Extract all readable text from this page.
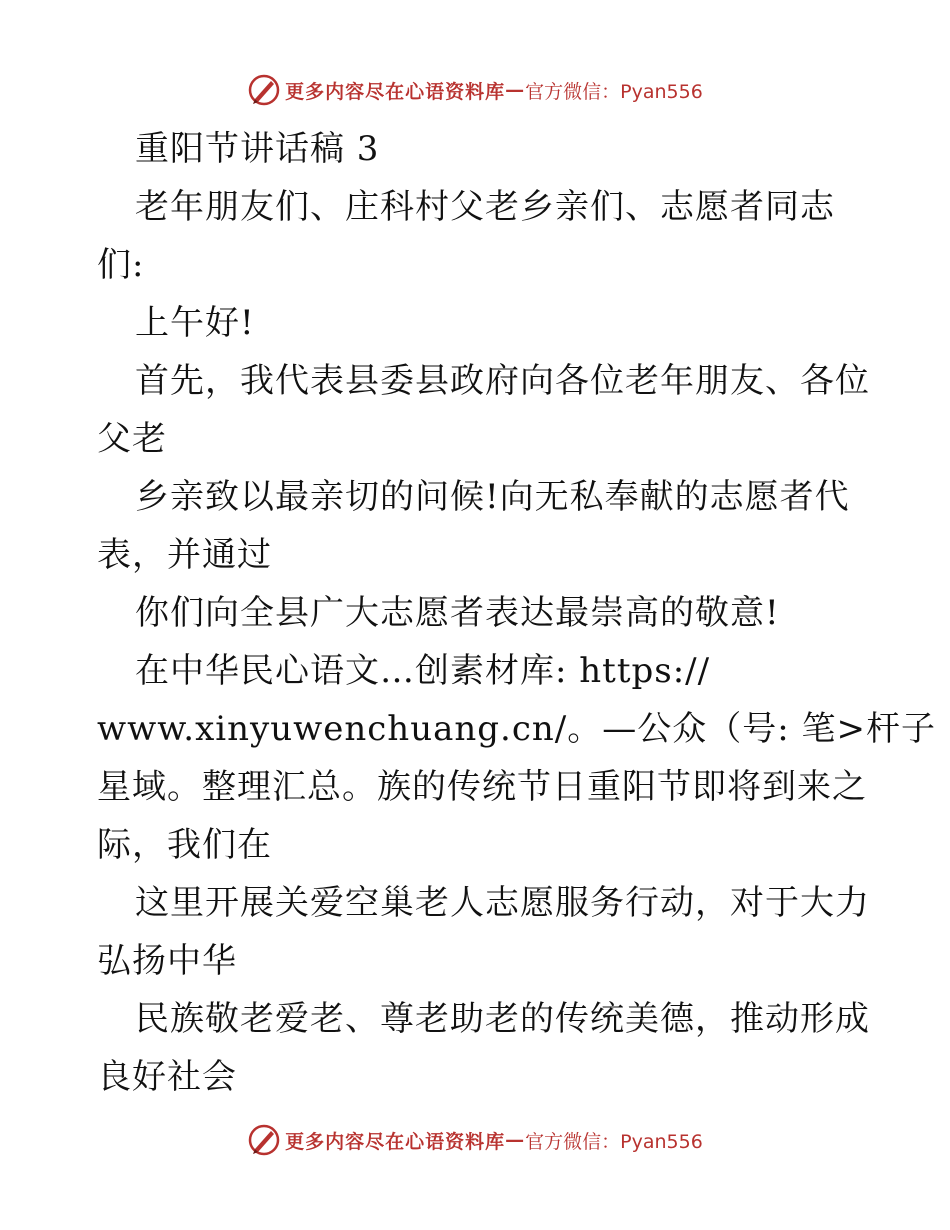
更多内容尽在心语资料库 — 官方微信：Pyan556
重阳节讲话稿 3
老年朋友们、庄科村父老乡亲们、志愿者同志
们:
上午好!
首先，我代表县委县政府向各位老年朋友、各位
父老
乡亲致以最亲切的问候!向无私奉献的志愿者代
表，并通过
你们向全县广大志愿者表达最崇高的敬意!
在中华民心语文…创素材库: https://
www.xinyuwenchuang.cn/。—公众（号: 笔>杆子
星域。整理汇总。族的传统节日重阳节即将到来之
际，我们在
这里开展关爱空巢老人志愿服务行动，对于大力
弘扬中华
民族敬老爱老、尊老助老的传统美德，推动形成
良好社会
更多内容尽在心语资料库 — 官方微信：Pyan556
